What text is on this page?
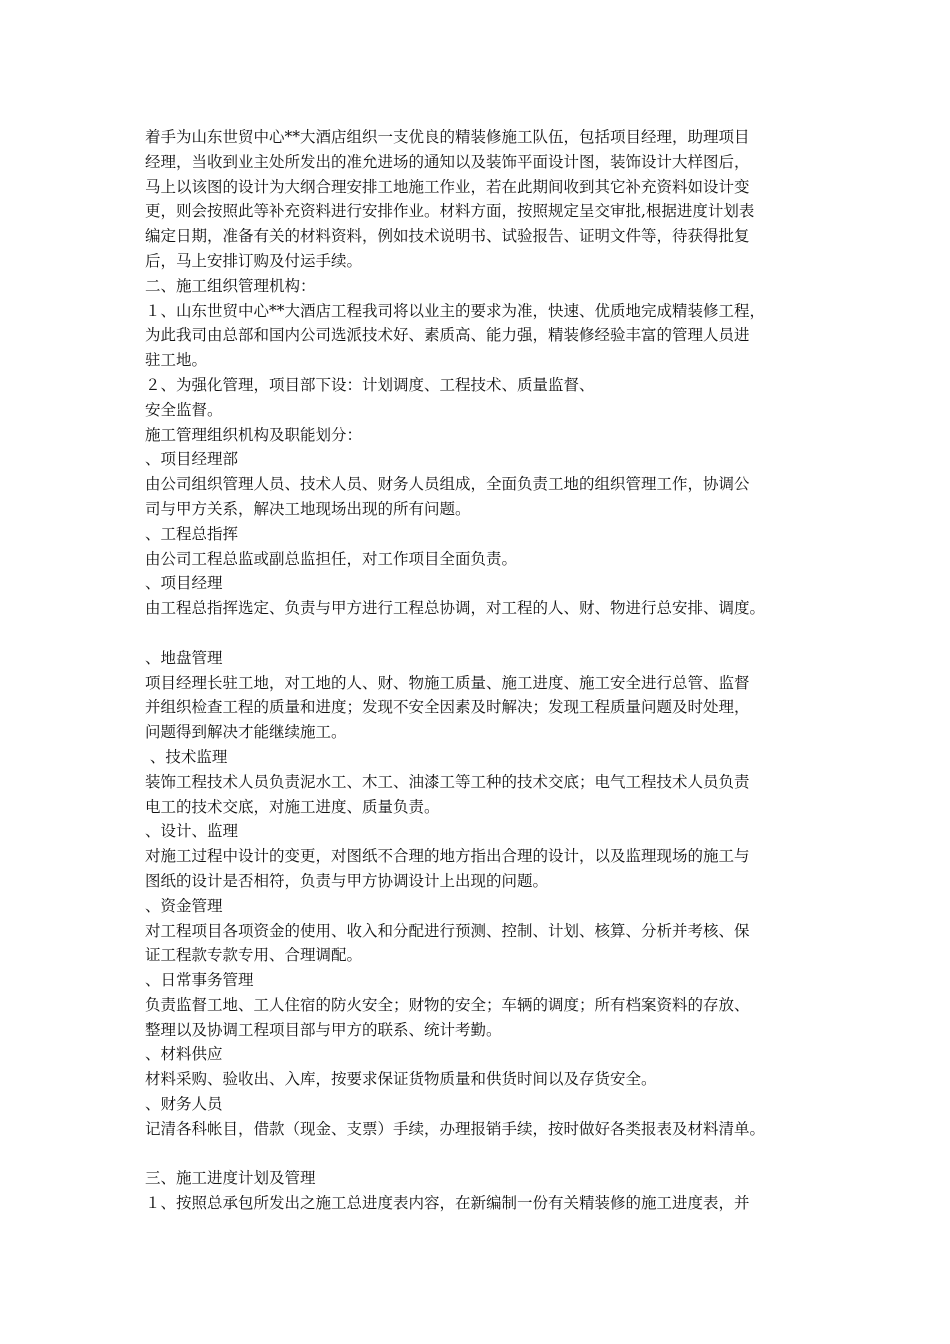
着手为山东世贸中心**大酒店组织一支优良的精装修施工队伍，包括项目经理，助理项目
经理，当收到业主处所发出的准允进场的通知以及装饰平面设计图，装饰设计大样图后，
马上以该图的设计为大纲合理安排工地施工作业，若在此期间收到其它补充资料如设计变
更，则会按照此等补充资料进行安排作业。材料方面，按照规定呈交审批,根据进度计划表
编定日期，准备有关的材料资料，例如技术说明书、试验报告、证明文件等，待获得批复
后，马上安排订购及付运手续。
二、施工组织管理机构：
１、山东世贸中心**大酒店工程我司将以业主的要求为准，快速、优质地完成精装修工程，
为此我司由总部和国内公司选派技术好、素质高、能力强，精装修经验丰富的管理人员进
驻工地。
２、为强化管理，项目部下设：计划调度、工程技术、质量监督、
安全监督。
施工管理组织机构及职能划分：
、项目经理部
由公司组织管理人员、技术人员、财务人员组成，全面负责工地的组织管理工作，协调公
司与甲方关系，解决工地现场出现的所有问题。
、工程总指挥
由公司工程总监或副总监担任，对工作项目全面负责。
、项目经理
由工程总指挥选定、负责与甲方进行工程总协调，对工程的人、财、物进行总安排、调度。
、地盘管理
项目经理长驻工地，对工地的人、财、物施工质量、施工进度、施工安全进行总管、监督
并组织检查工程的质量和进度；发现不安全因素及时解决；发现工程质量问题及时处理，
问题得到解决才能继续施工。
、技术监理
装饰工程技术人员负责泥水工、木工、油漆工等工种的技术交底；电气工程技术人员负责
电工的技术交底，对施工进度、质量负责。
、设计、监理
对施工过程中设计的变更，对图纸不合理的地方指出合理的设计，以及监理现场的施工与
图纸的设计是否相符，负责与甲方协调设计上出现的问题。
、资金管理
对工程项目各项资金的使用、收入和分配进行预测、控制、计划、核算、分析并考核、保
证工程款专款专用、合理调配。
、日常事务管理
负责监督工地、工人住宿的防火安全；财物的安全；车辆的调度；所有档案资料的存放、
整理以及协调工程项目部与甲方的联系、统计考勤。
、材料供应
材料采购、验收出、入库，按要求保证货物质量和供货时间以及存货安全。
、财务人员
记清各科帐目，借款（现金、支票）手续，办理报销手续，按时做好各类报表及材料清单。
三、施工进度计划及管理
１、按照总承包所发出之施工总进度表内容，在新编制一份有关精装修的施工进度表，并
